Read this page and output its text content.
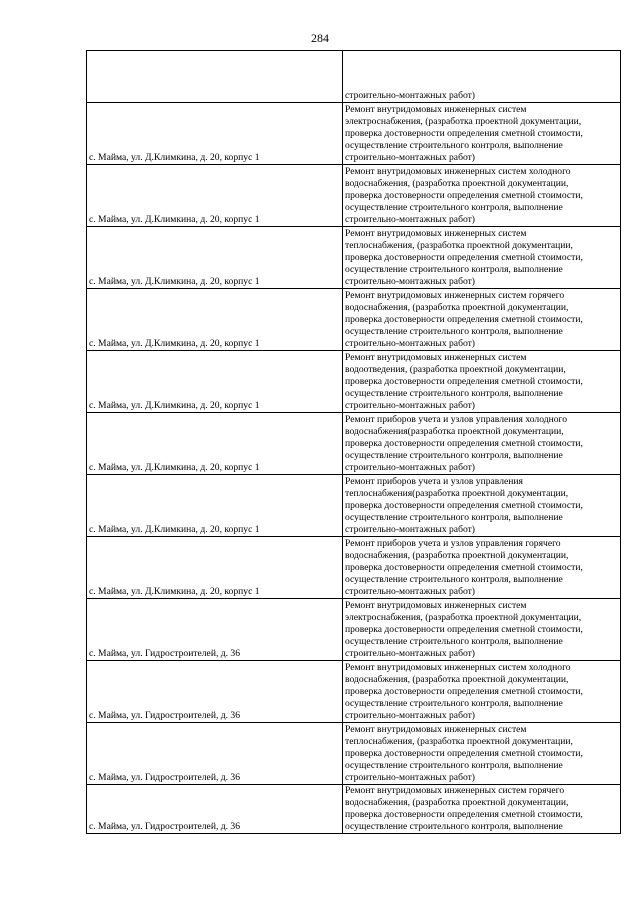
284

	строительно-монтажных работ)

с. Майма, ул. Д.Климкина, д. 20, корпус 1	Ремонт внутридомовых инженерных систем
электроснабжения, (разработка проектной документации,
проверка достоверности определения сметной стоимости,
осуществление строительного контроля, выполнение
строительно-монтажных работ)

с. Майма, ул. Д.Климкина, д. 20, корпус 1	Ремонт внутридомовых инженерных систем холодного
водоснабжения, (разработка проектной документации,
проверка достоверности определения сметной стоимости,
осуществление строительного контроля, выполнение
строительно-монтажных работ)

с. Майма, ул. Д.Климкина, д. 20, корпус 1	Ремонт внутридомовых инженерных систем
теплоснабжения, (разработка проектной документации,
проверка достоверности определения сметной стоимости,
осуществление строительного контроля, выполнение
строительно-монтажных работ)

с. Майма, ул. Д.Климкина, д. 20, корпус 1	Ремонт внутридомовых инженерных систем горячего
водоснабжения, (разработка проектной документации,
проверка достоверности определения сметной стоимости,
осуществление строительного контроля, выполнение
строительно-монтажных работ)

с. Майма, ул. Д.Климкина, д. 20, корпус 1	Ремонт внутридомовых инженерных систем
водоотведения, (разработка проектной документации,
проверка достоверности определения сметной стоимости,
осуществление строительного контроля, выполнение
строительно-монтажных работ)

с. Майма, ул. Д.Климкина, д. 20, корпус 1	Ремонт приборов учета и узлов управления холодного
водоснабжения(разработка проектной документации,
проверка достоверности определения сметной стоимости,
осуществление строительного контроля, выполнение
строительно-монтажных работ)

с. Майма, ул. Д.Климкина, д. 20, корпус 1	Ремонт приборов учета и узлов управления
теплоснабжения(разработка проектной документации,
проверка достоверности определения сметной стоимости,
осуществление строительного контроля, выполнение
строительно-монтажных работ)

с. Майма, ул. Д.Климкина, д. 20, корпус 1	Ремонт приборов учета и узлов управления горячего
водоснабжения, (разработка проектной документации,
проверка достоверности определения сметной стоимости,
осуществление строительного контроля, выполнение
строительно-монтажных работ)

с. Майма, ул. Гидростроителей, д. 36	Ремонт внутридомовых инженерных систем
электроснабжения, (разработка проектной документации,
проверка достоверности определения сметной стоимости,
осуществление строительного контроля, выполнение
строительно-монтажных работ)

с. Майма, ул. Гидростроителей, д. 36	Ремонт внутридомовых инженерных систем холодного
водоснабжения, (разработка проектной документации,
проверка достоверности определения сметной стоимости,
осуществление строительного контроля, выполнение
строительно-монтажных работ)

с. Майма, ул. Гидростроителей, д. 36	Ремонт внутридомовых инженерных систем
теплоснабжения, (разработка проектной документации,
проверка достоверности определения сметной стоимости,
осуществление строительного контроля, выполнение
строительно-монтажных работ)

с. Майма, ул. Гидростроителей, д. 36	Ремонт внутридомовых инженерных систем горячего
водоснабжения, (разработка проектной документации,
проверка достоверности определения сметной стоимости,
осуществление строительного контроля, выполнение
